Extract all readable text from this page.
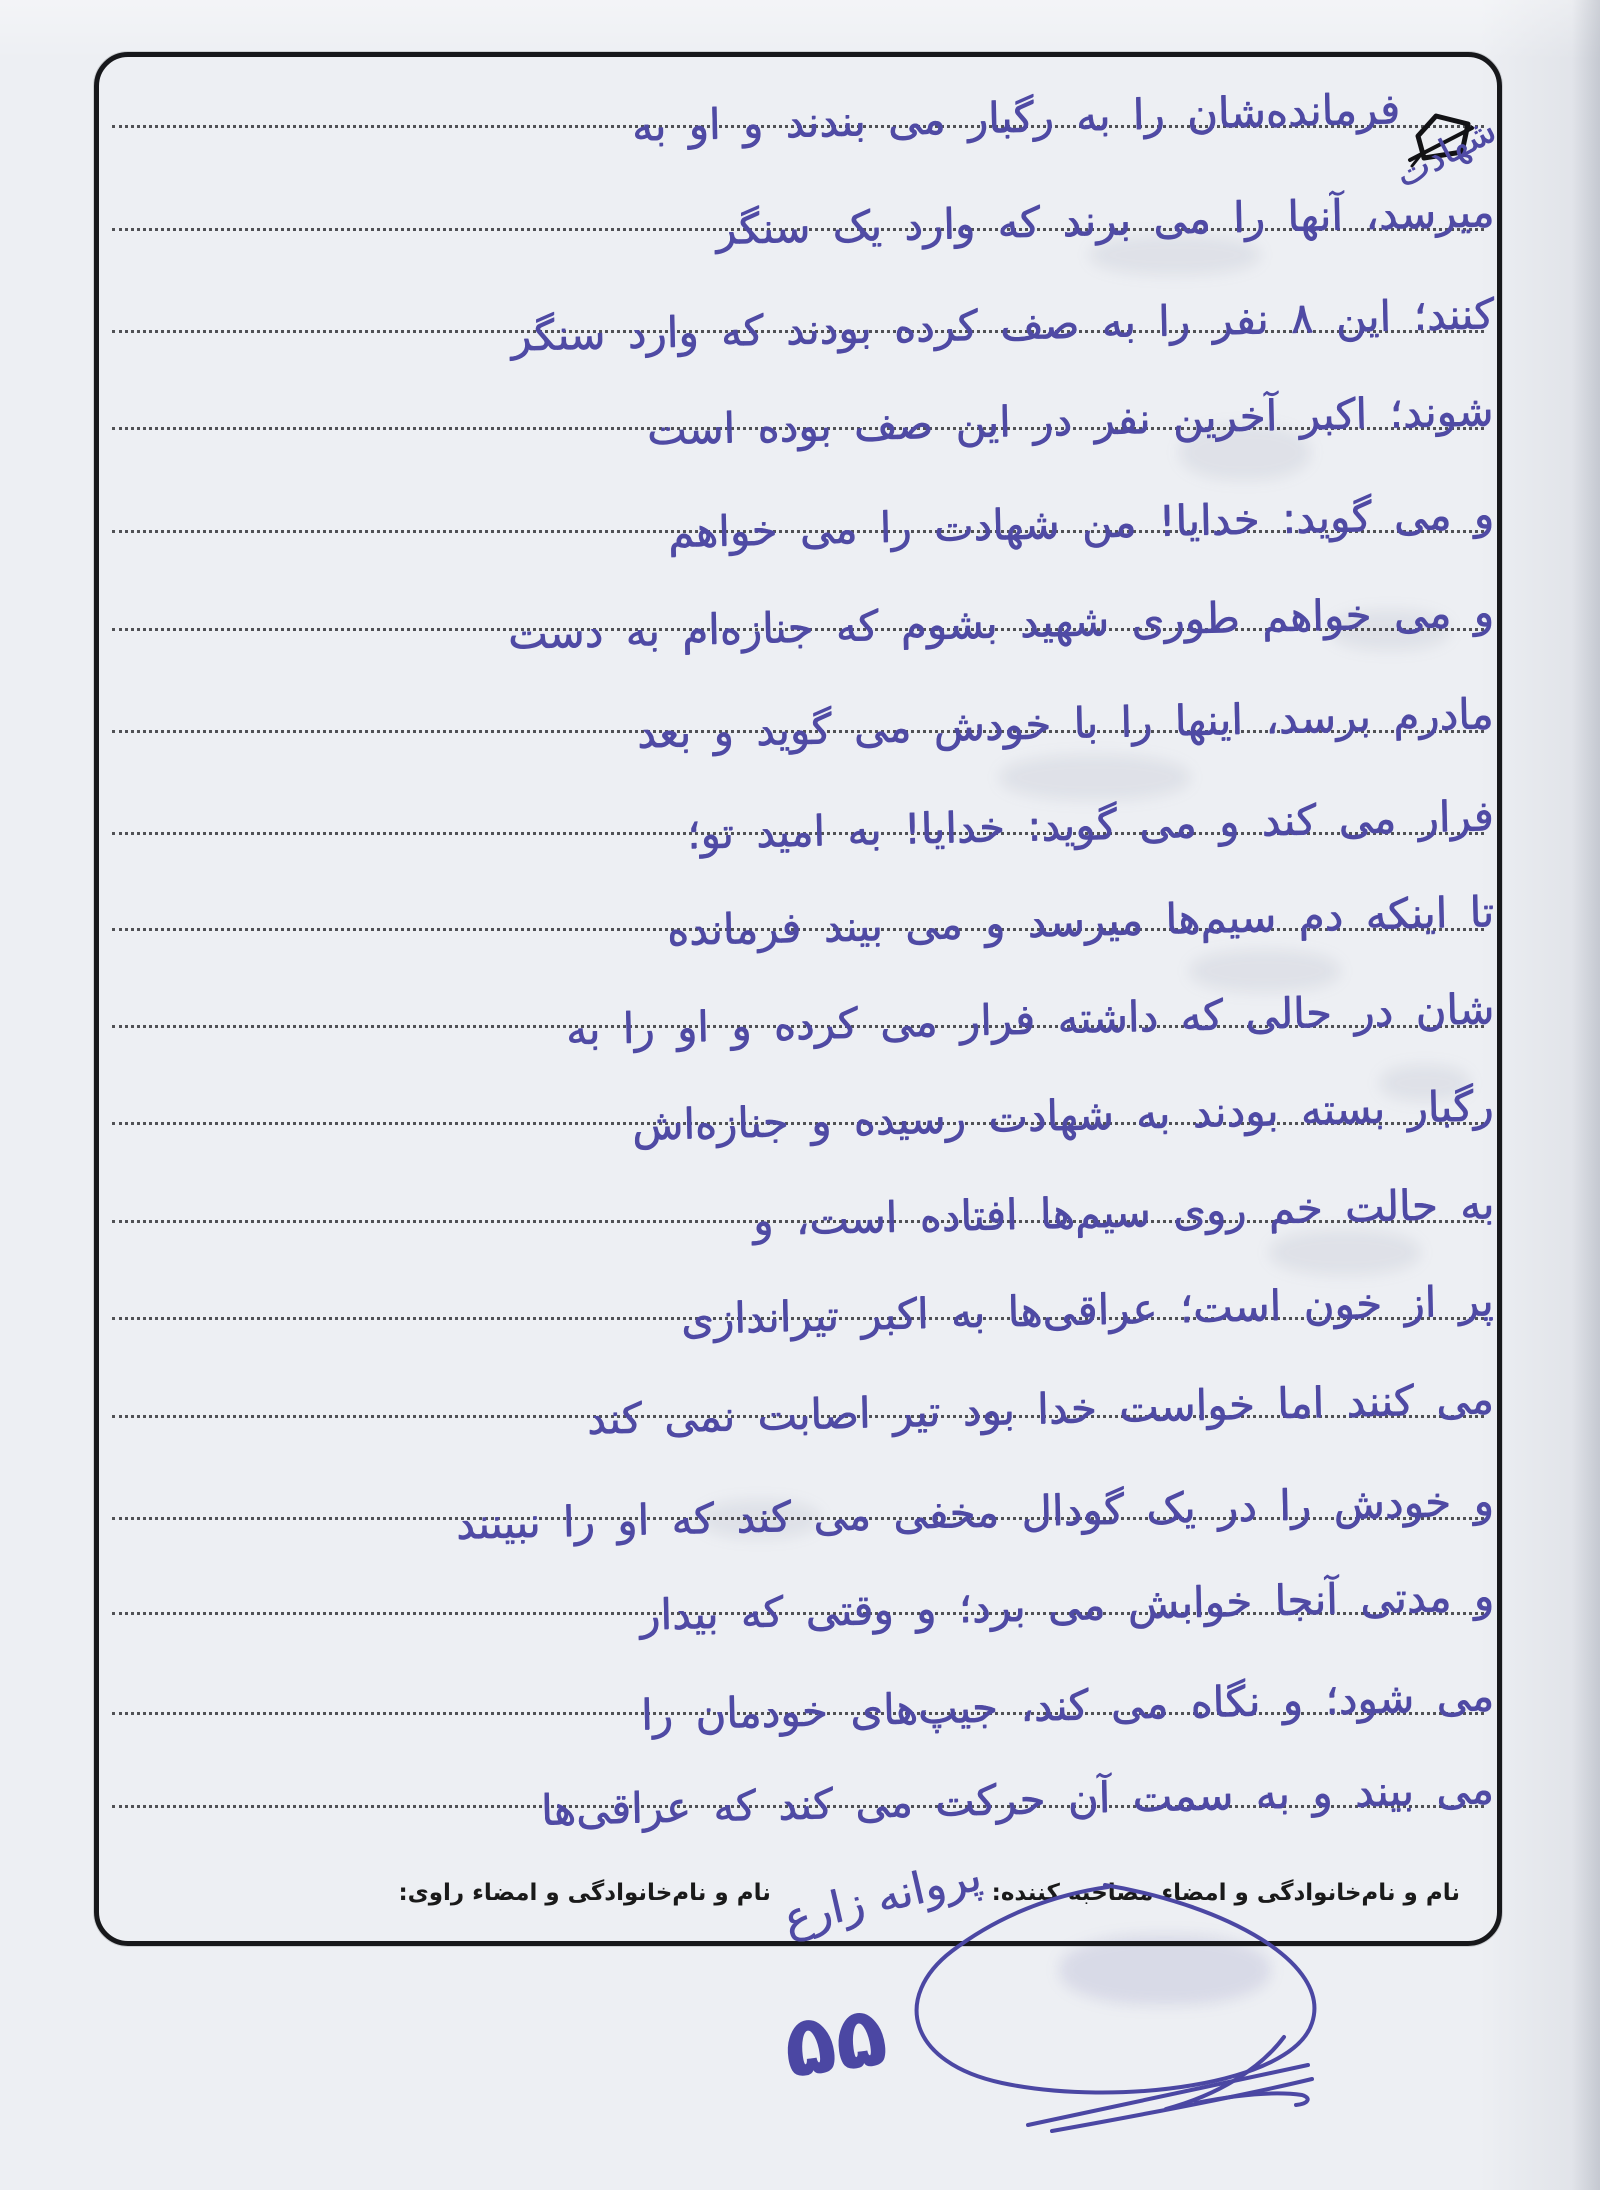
شهادت
فرمانده‌شان را به رگبار می بندند و او به
میرسد، آنها را می برند که وارد یک سنگر
کنند؛ این ۸ نفر را به صف کرده بودند که وارد سنگر
شوند؛ اکبر آخرین نفر در این صف بوده است
و می گوید: خدایا! من شهادت را می خواهم
و می خواهم طوری شهید بشوم که جنازه‌ام به دست
مادرم برسد، اینها را با خودش می گوید و بعد
فرار می کند و می گوید: خدایا! به امید تو؛
تا اینکه دم سیم‌ها میرسد و می بیند فرمانده‌
شان در حالی که داشته فرار می کرده و او را به
رگبار بسته بودند به شهادت رسیده و جنازه‌اش
به حالت خم روی سیم‌ها افتاده است، و
پر از خون است؛ عراقی‌ها به اکبر تیراندازی
می کنند اما خواست خدا بود تیر اصابت نمی کند
و خودش را در یک گودال مخفی می کند که او را نبینند
و مدتی آنجا خوابش می برد؛ و وقتی که بیدار
می شود؛ و نگاه می کند، جیپ‌های خودمان را
می بیند و به سمت آن حرکت می کند که عراقی‌ها
نام و نام‌خانوادگی و امضاء مصاحبه کننده:
پروانه زارع
نام و نام‌خانوادگی و امضاء راوی:
۵۵
